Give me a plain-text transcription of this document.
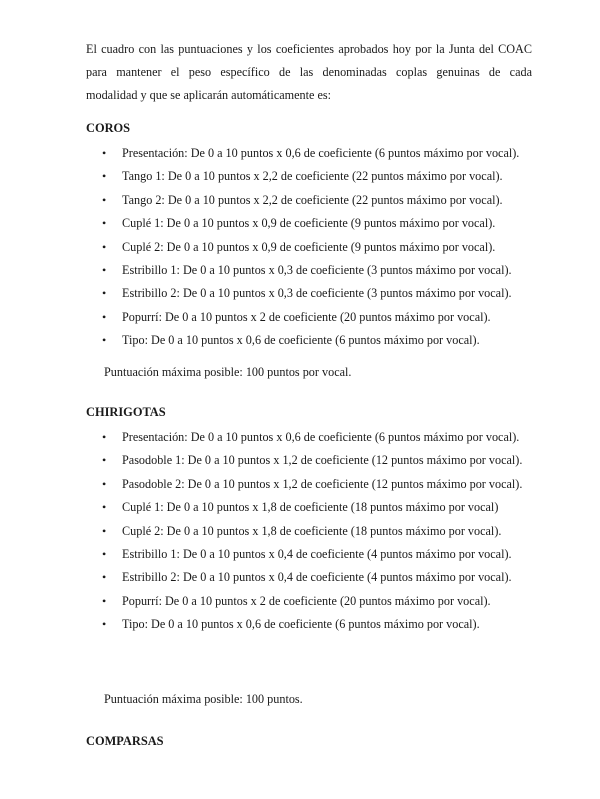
El cuadro con las puntuaciones y los coeficientes aprobados hoy por la Junta del COAC
para mantener el peso específico de las denominadas coplas genuinas de cada
modalidad y que se aplicarán automáticamente es:

COROS
• Presentación: De 0 a 10 puntos x 0,6 de coeficiente (6 puntos máximo por vocal).
• Tango 1: De 0 a 10 puntos x 2,2 de coeficiente (22 puntos máximo por vocal).
• Tango 2: De 0 a 10 puntos x 2,2 de coeficiente (22 puntos máximo por vocal).
• Cuplé 1: De 0 a 10 puntos x 0,9 de coeficiente (9 puntos máximo por vocal).
• Cuplé 2: De 0 a 10 puntos x 0,9 de coeficiente (9 puntos máximo por vocal).
• Estribillo 1: De 0 a 10 puntos x 0,3 de coeficiente (3 puntos máximo por vocal).
• Estribillo 2: De 0 a 10 puntos x 0,3 de coeficiente (3 puntos máximo por vocal).
• Popurrí: De 0 a 10 puntos x 2 de coeficiente (20 puntos máximo por vocal).
• Tipo: De 0 a 10 puntos x 0,6 de coeficiente (6 puntos máximo por vocal).

Puntuación máxima posible: 100 puntos por vocal.

CHIRIGOTAS
• Presentación: De 0 a 10 puntos x 0,6 de coeficiente (6 puntos máximo por vocal).
• Pasodoble 1: De 0 a 10 puntos x 1,2 de coeficiente (12 puntos máximo por vocal).
• Pasodoble 2: De 0 a 10 puntos x 1,2 de coeficiente (12 puntos máximo por vocal).
• Cuplé 1: De 0 a 10 puntos x 1,8 de coeficiente (18 puntos máximo por vocal)
• Cuplé 2: De 0 a 10 puntos x 1,8 de coeficiente (18 puntos máximo por vocal).
• Estribillo 1: De 0 a 10 puntos x 0,4 de coeficiente (4 puntos máximo por vocal).
• Estribillo 2: De 0 a 10 puntos x 0,4 de coeficiente (4 puntos máximo por vocal).
• Popurrí: De 0 a 10 puntos x 2 de coeficiente (20 puntos máximo por vocal).
• Tipo: De 0 a 10 puntos x 0,6 de coeficiente (6 puntos máximo por vocal).

Puntuación máxima posible: 100 puntos.

COMPARSAS
